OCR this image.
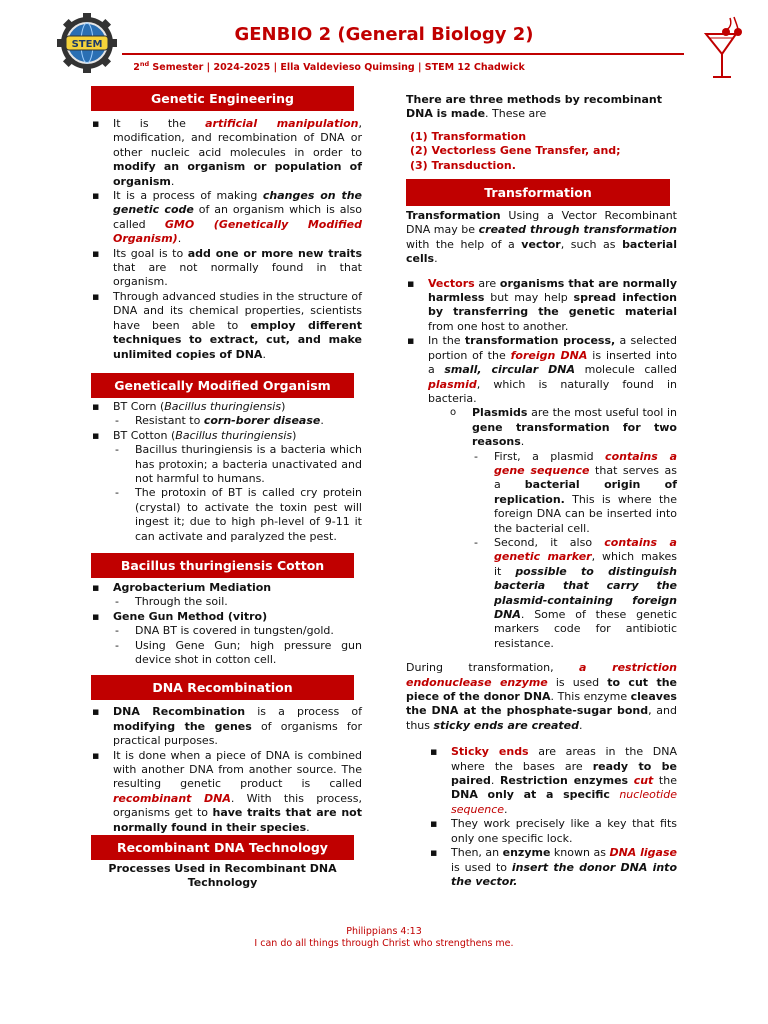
STEM	GENBIO 2 (General Biology 2)
2nd Semester | 2024-2025 | Ella Valdevieso Quimsing | STEM 12 Chadwick
Genetic Engineering
▪ It is the artificial manipulation, modification, and recombination of DNA or other nucleic acid molecules in order to modify an organism or population of organism.
▪ It is a process of making changes on the genetic code of an organism which is also called GMO (Genetically Modified Organism).
▪ Its goal is to add one or more new traits that are not normally found in that organism.
▪ Through advanced studies in the structure of DNA and its chemical properties, scientists have been able to employ different techniques to extract, cut, and make unlimited copies of DNA.
Genetically Modified Organism
▪ BT Corn (Bacillus thuringiensis)
- Resistant to corn-borer disease.
▪ BT Cotton (Bacillus thuringiensis)
- Bacillus thuringiensis is a bacteria which has protoxin; a bacteria unactivated and not harmful to humans.
- The protoxin of BT is called cry protein (crystal) to activate the toxin pest will ingest it; due to high ph-level of 9-11 it can activate and paralyzed the pest.
Bacillus thuringiensis Cotton
▪ Agrobacterium Mediation
- Through the soil.
▪ Gene Gun Method (vitro)
- DNA BT is covered in tungsten/gold.
- Using Gene Gun; high pressure gun device shot in cotton cell.
DNA Recombination
▪ DNA Recombination is a process of modifying the genes of organisms for practical purposes.
▪ It is done when a piece of DNA is combined with another DNA from another source. The resulting genetic product is called recombinant DNA. With this process, organisms get to have traits that are not normally found in their species.
Recombinant DNA Technology
Processes Used in Recombinant DNA Technology
There are three methods by recombinant DNA is made. These are
(1) Transformation
(2) Vectorless Gene Transfer, and;
(3) Transduction.
Transformation

Transformation Using a Vector Recombinant DNA may be created through transformation with the help of a vector, such as bacterial cells.

▪ Vectors are organisms that are normally harmless but may help spread infection by transferring the genetic material from one host to another.
▪ In the transformation process, a selected portion of the foreign DNA is inserted into a small, circular DNA molecule called plasmid, which is naturally found in bacteria.
o Plasmids are the most useful tool in gene transformation for two reasons.
- First, a plasmid contains a gene sequence that serves as a bacterial origin of replication. This is where the foreign DNA can be inserted into the bacterial cell.
- Second, it also contains a genetic marker, which makes it possible to distinguish bacteria that carry the plasmid-containing foreign DNA. Some of these genetic markers code for antibiotic resistance.

During transformation, a restriction endonuclease enzyme is used to cut the piece of the donor DNA. This enzyme cleaves the DNA at the phosphate-sugar bond, and thus sticky ends are created.

▪ Sticky ends are areas in the DNA where the bases are ready to be paired. Restriction enzymes cut the DNA only at a specific nucleotide sequence.
▪ They work precisely like a key that fits only one specific lock.
▪ Then, an enzyme known as DNA ligase is used to insert the donor DNA into the vector.
Philippians 4:13
I can do all things through Christ who strengthens me.
